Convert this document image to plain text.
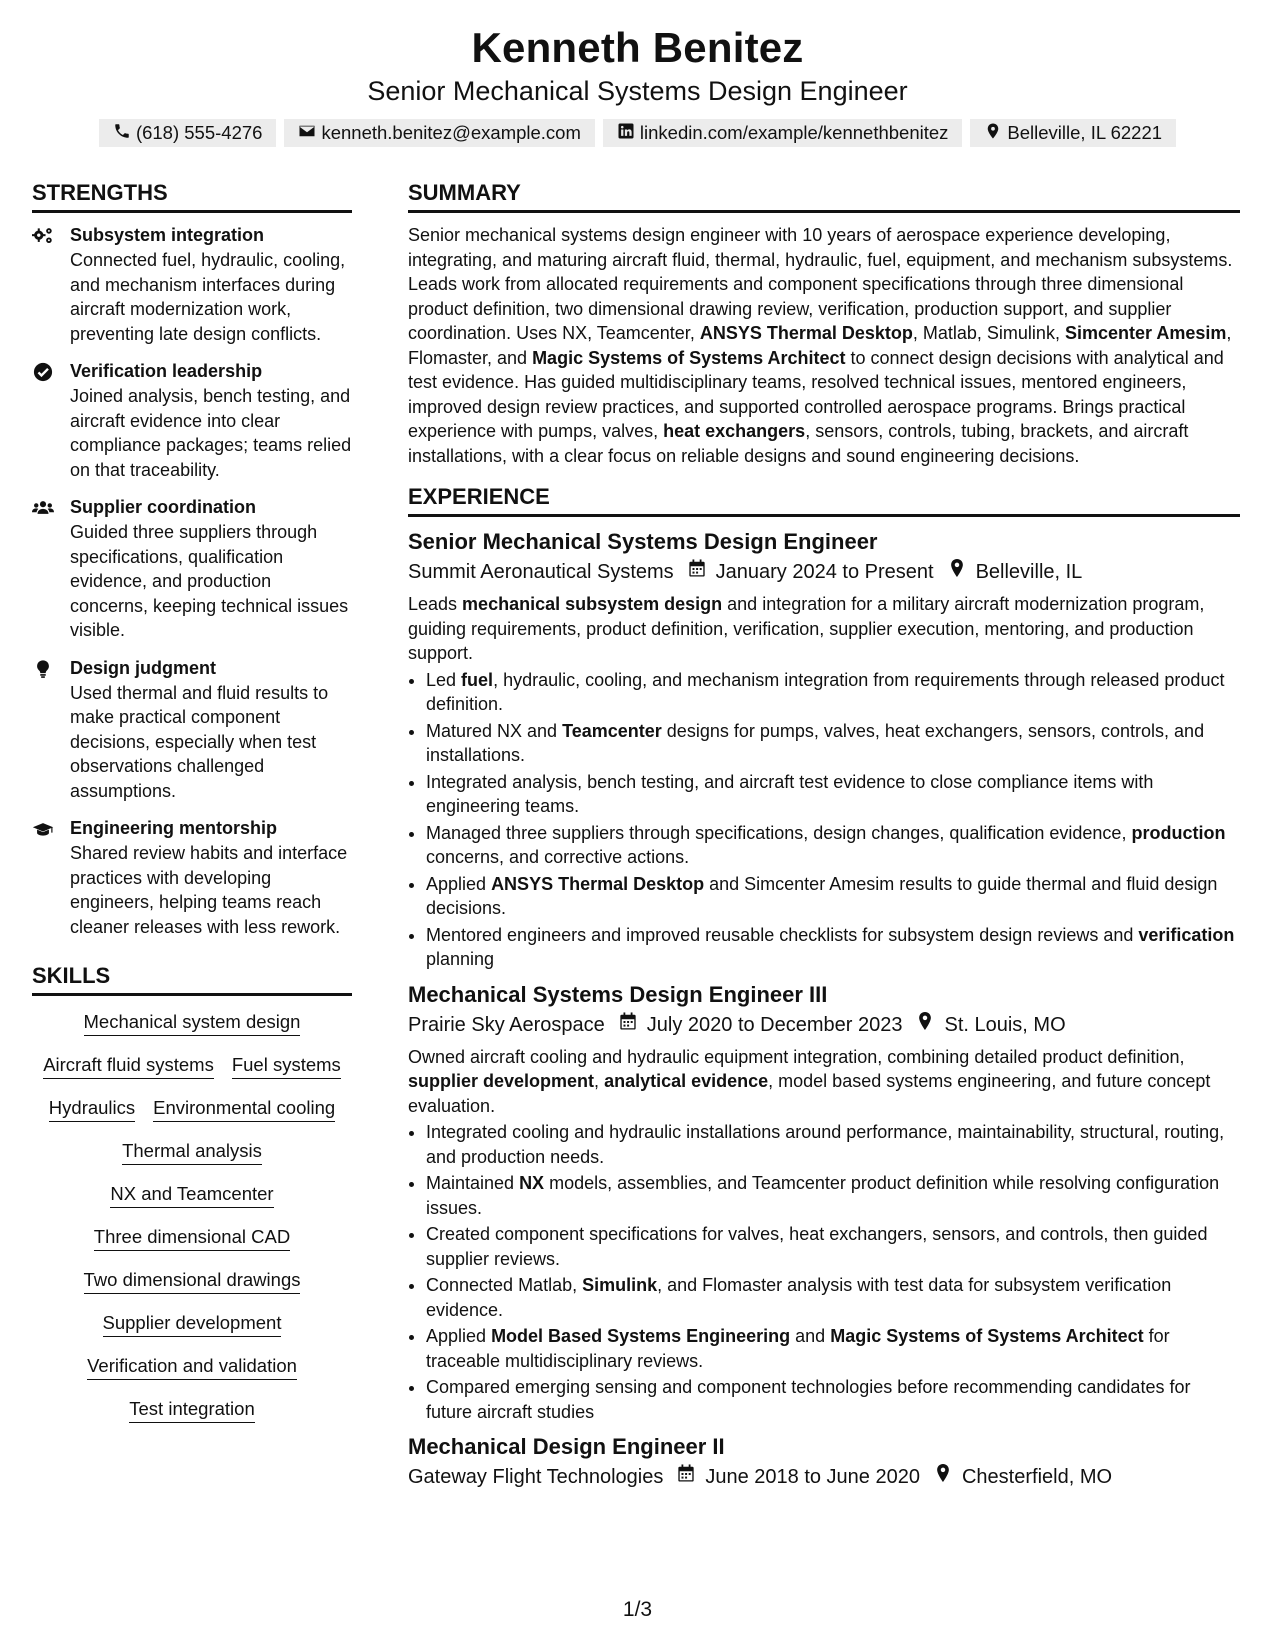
Kenneth Benitez
Senior Mechanical Systems Design Engineer
(618) 555-4276	kenneth.benitez@example.com	linkedin.com/example/kennethbenitez	Belleville, IL 62221
STRENGTHS
Subsystem integration
Connected fuel, hydraulic, cooling, and mechanism interfaces during aircraft modernization work, preventing late design conflicts.
Verification leadership
Joined analysis, bench testing, and aircraft evidence into clear compliance packages; teams relied on that traceability.
Supplier coordination
Guided three suppliers through specifications, qualification evidence, and production concerns, keeping technical issues visible.
Design judgment
Used thermal and fluid results to make practical component decisions, especially when test observations challenged assumptions.
Engineering mentorship
Shared review habits and interface practices with developing engineers, helping teams reach cleaner releases with less rework.
SKILLS
Mechanical system design
Aircraft fluid systems Fuel systems
Hydraulics Environmental cooling
Thermal analysis
NX and Teamcenter
Three dimensional CAD
Two dimensional drawings
Supplier development
Verification and validation
Test integration
SUMMARY
Senior mechanical systems design engineer with 10 years of aerospace experience developing, integrating, and maturing aircraft fluid, thermal, hydraulic, fuel, equipment, and mechanism subsystems. Leads work from allocated requirements and component specifications through three dimensional product definition, two dimensional drawing review, verification, production support, and supplier coordination. Uses NX, Teamcenter, ANSYS Thermal Desktop, Matlab, Simulink, Simcenter Amesim, Flomaster, and Magic Systems of Systems Architect to connect design decisions with analytical and test evidence. Has guided multidisciplinary teams, resolved technical issues, mentored engineers, improved design review practices, and supported controlled aerospace programs. Brings practical experience with pumps, valves, heat exchangers, sensors, controls, tubing, brackets, and aircraft installations, with a clear focus on reliable designs and sound engineering decisions.
EXPERIENCE
Senior Mechanical Systems Design Engineer
Summit Aeronautical Systems January 2024 to Present Belleville, IL
Leads mechanical subsystem design and integration for a military aircraft modernization program, guiding requirements, product definition, verification, supplier execution, mentoring, and production support.
• Led fuel, hydraulic, cooling, and mechanism integration from requirements through released product definition.
• Matured NX and Teamcenter designs for pumps, valves, heat exchangers, sensors, controls, and installations.
• Integrated analysis, bench testing, and aircraft test evidence to close compliance items with engineering teams.
• Managed three suppliers through specifications, design changes, qualification evidence, production concerns, and corrective actions.
• Applied ANSYS Thermal Desktop and Simcenter Amesim results to guide thermal and fluid design decisions.
• Mentored engineers and improved reusable checklists for subsystem design reviews and verification planning
Mechanical Systems Design Engineer III
Prairie Sky Aerospace July 2020 to December 2023 St. Louis, MO
Owned aircraft cooling and hydraulic equipment integration, combining detailed product definition, supplier development, analytical evidence, model based systems engineering, and future concept evaluation.
• Integrated cooling and hydraulic installations around performance, maintainability, structural, routing, and production needs.
• Maintained NX models, assemblies, and Teamcenter product definition while resolving configuration issues.
• Created component specifications for valves, heat exchangers, sensors, and controls, then guided supplier reviews.
• Connected Matlab, Simulink, and Flomaster analysis with test data for subsystem verification evidence.
• Applied Model Based Systems Engineering and Magic Systems of Systems Architect for traceable multidisciplinary reviews.
• Compared emerging sensing and component technologies before recommending candidates for future aircraft studies
Mechanical Design Engineer II
Gateway Flight Technologies June 2018 to June 2020 Chesterfield, MO
1/3
